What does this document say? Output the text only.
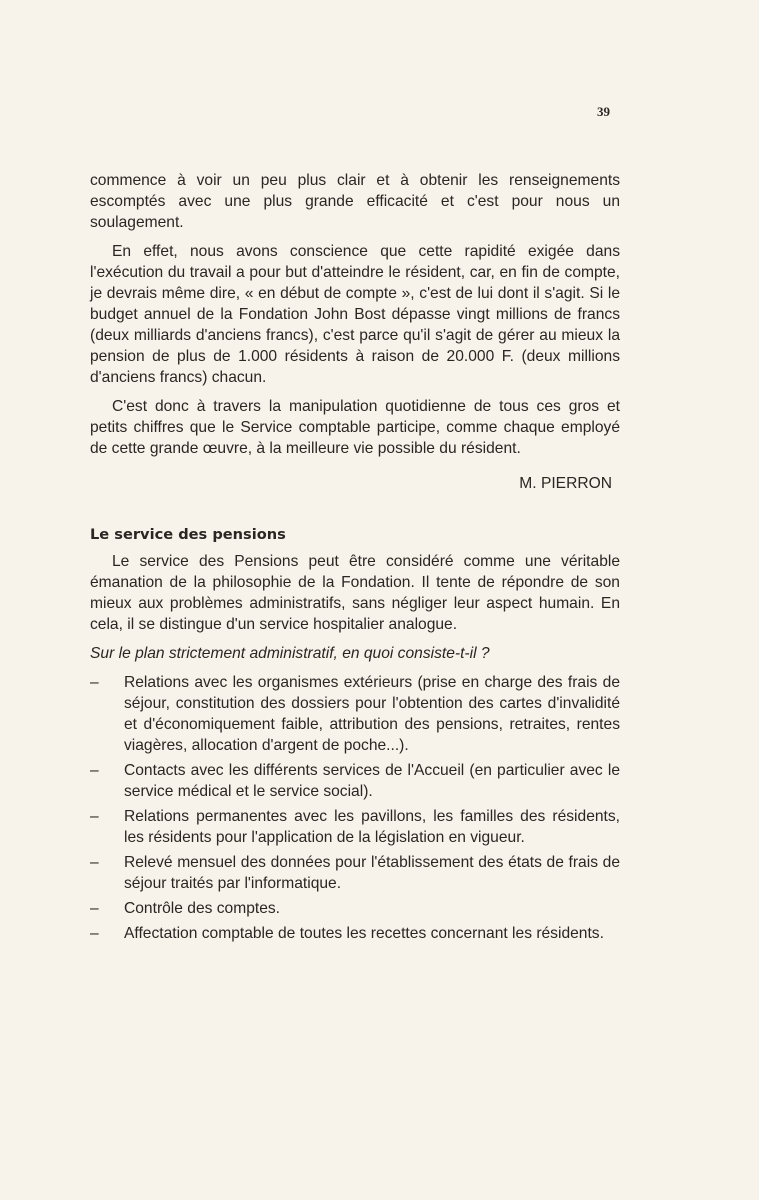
39

commence à voir un peu plus clair et à obtenir les renseignements escomptés avec une plus grande efficacité et c'est pour nous un soulagement.

En effet, nous avons conscience que cette rapidité exigée dans l'exécution du travail a pour but d'atteindre le résident, car, en fin de compte, je devrais même dire, « en début de compte », c'est de lui dont il s'agit. Si le budget annuel de la Fondation John Bost dépasse vingt millions de francs (deux milliards d'anciens francs), c'est parce qu'il s'agit de gérer au mieux la pension de plus de 1.000 résidents à raison de 20.000 F. (deux millions d'anciens francs) chacun.

C'est donc à travers la manipulation quotidienne de tous ces gros et petits chiffres que le Service comptable participe, comme chaque employé de cette grande œuvre, à la meilleure vie possible du résident.

M. PIERRON

Le service des pensions

Le service des Pensions peut être considéré comme une véritable émanation de la philosophie de la Fondation. Il tente de répondre de son mieux aux problèmes administratifs, sans négliger leur aspect humain. En cela, il se distingue d'un service hospitalier analogue.

Sur le plan strictement administratif, en quoi consiste-t-il ?

–	Relations avec les organismes extérieurs (prise en charge des frais de séjour, constitution des dossiers pour l'obtention des cartes d'invalidité et d'économiquement faible, attribution des pensions, retraites, rentes viagères, allocation d'argent de poche...).
–	Contacts avec les différents services de l'Accueil (en particulier avec le service médical et le service social).
–	Relations permanentes avec les pavillons, les familles des résidents, les résidents pour l'application de la législation en vigueur.
–	Relevé mensuel des données pour l'établissement des états de frais de séjour traités par l'informatique.
–	Contrôle des comptes.
–	Affectation comptable de toutes les recettes concernant les résidents.
